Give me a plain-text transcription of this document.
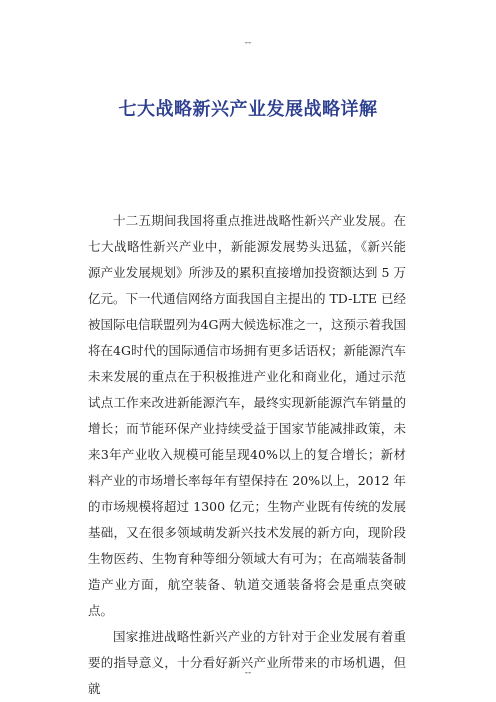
--
七大战略新兴产业发展战略详解

十二五期间我国将重点推进战略性新兴产业发展。在七大战略性新兴产业中，新能源发展势头迅猛，《新兴能源产业发展规划》所涉及的累积直接增加投资额达到 5 万亿元。下一代通信网络方面我国自主提出的 TD-LTE 已经被国际电信联盟列为4G两大候选标准之一，这预示着我国将在4G时代的国际通信市场拥有更多话语权；新能源汽车未来发展的重点在于积极推进产业化和商业化，通过示范试点工作来改进新能源汽车，最终实现新能源汽车销量的增长；而节能环保产业持续受益于国家节能减排政策，未来3年产业收入规模可能呈现40%以上的复合增长；新材料产业的市场增长率每年有望保持在 20%以上，2012 年的市场规模将超过 1300 亿元；生物产业既有传统的发展基础，又在很多领域萌发新兴技术发展的新方向，现阶段生物医药、生物育种等细分领域大有可为；在高端装备制造产业方面，航空装备、轨道交通装备将会是重点突破点。

国家推进战略性新兴产业的方针对于企业发展有着重要的指导意义，十分看好新兴产业所带来的市场机遇，但就

--
